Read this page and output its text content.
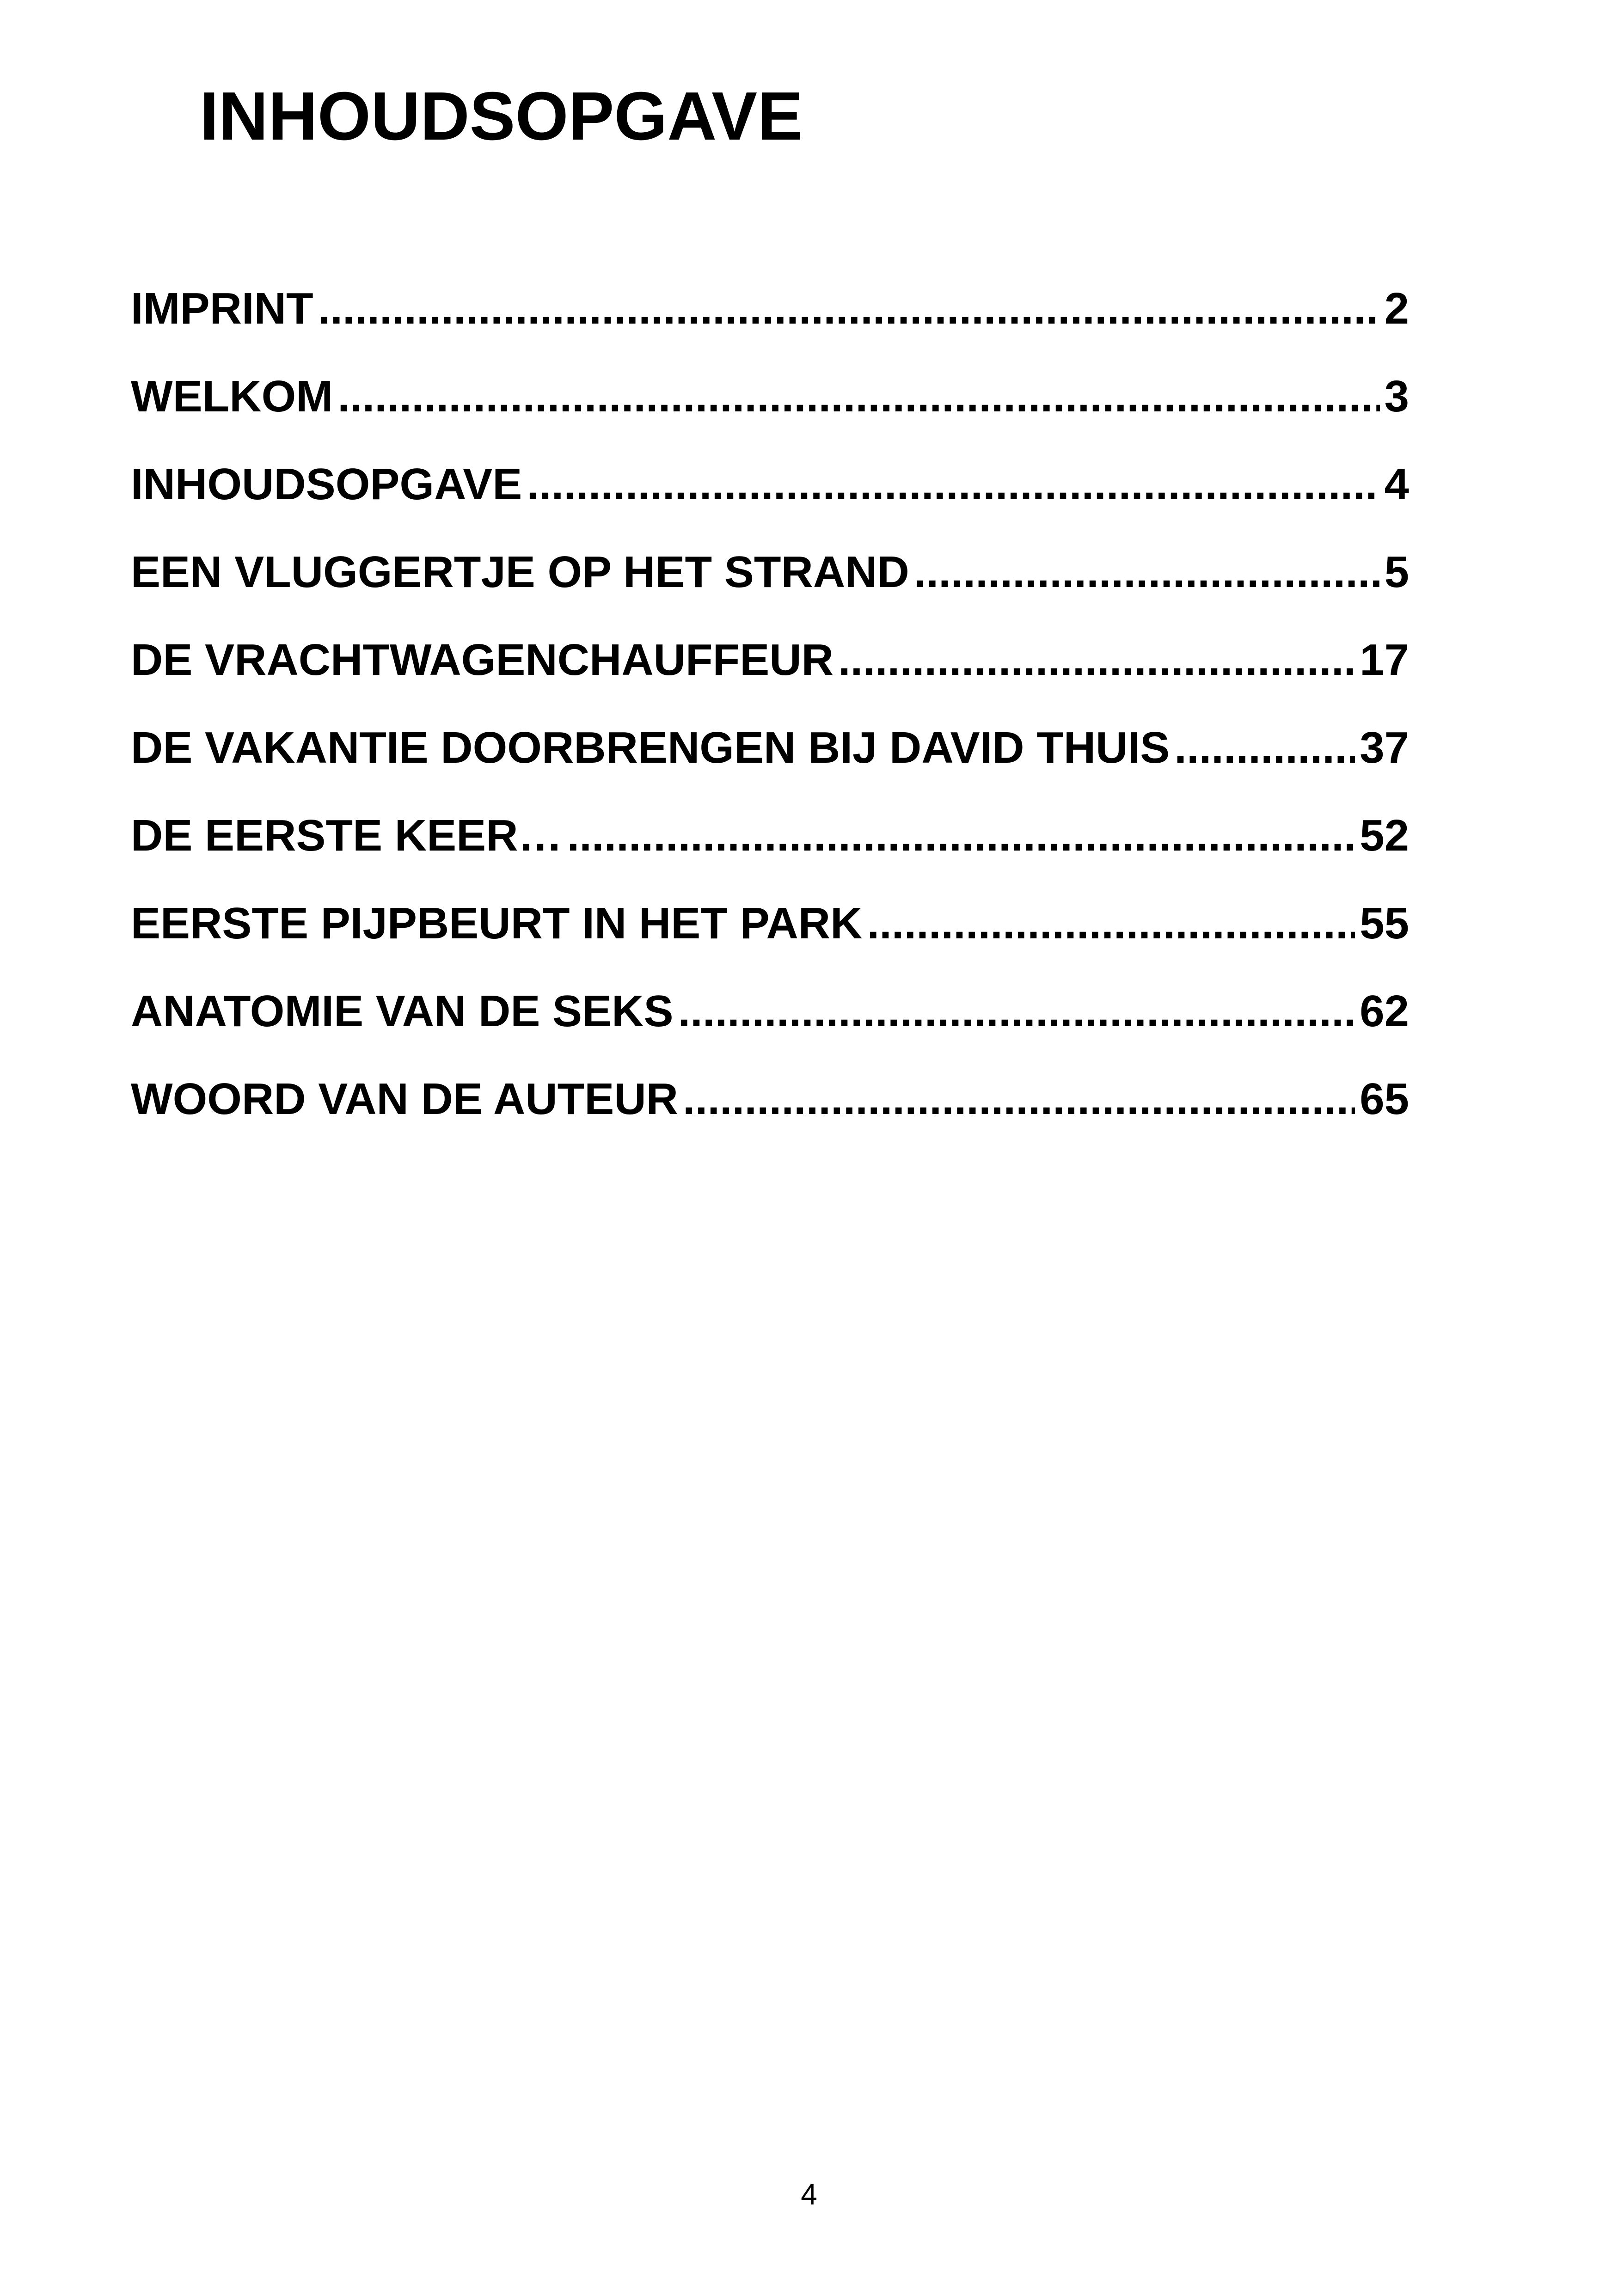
INHOUDSOPGAVE
IMPRINT .....	2
WELKOM .....	3
INHOUDSOPGAVE .....	4
EEN VLUGGERTJE OP HET STRAND .....	5
DE VRACHTWAGENCHAUFFEUR .....	17
DE VAKANTIE DOORBRENGEN BIJ DAVID THUIS .....	37
DE EERSTE KEER… .....	52
EERSTE PIJPBEURT IN HET PARK .....	55
ANATOMIE VAN DE SEKS .....	62
WOORD VAN DE AUTEUR .....	65
4
